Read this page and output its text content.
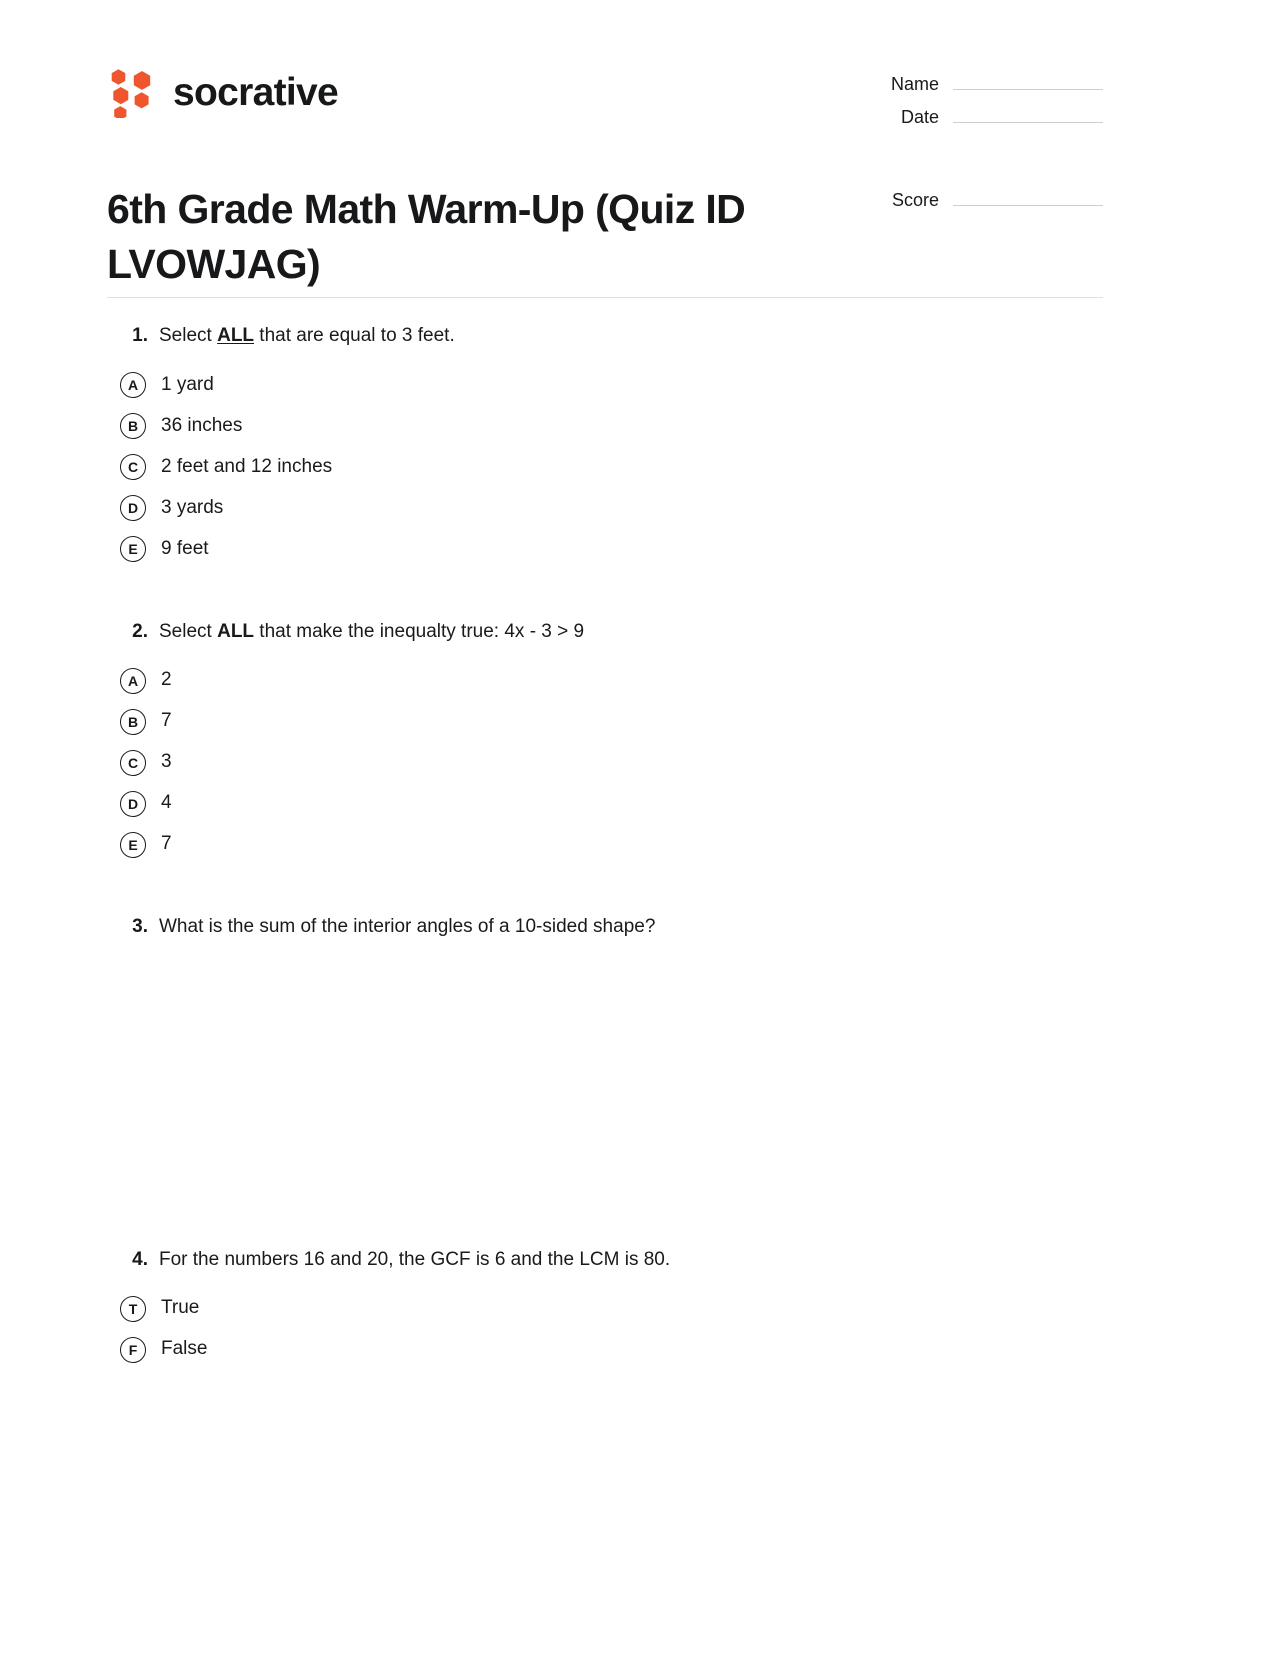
socrative	Name
Date
Score
6th Grade Math Warm-Up (Quiz ID LVOWJAG)
1. Select ALL that are equal to 3 feet.
A	1 yard
B	36 inches
C	2 feet and 12 inches
D	3 yards
E	9 feet
2. Select ALL that make the inequalty true: 4x - 3 > 9
A	2
B	7
C	3
D	4
E	7
3. What is the sum of the interior angles of a 10-sided shape?
4. For the numbers 16 and 20, the GCF is 6 and the LCM is 80.
T	True
F	False
